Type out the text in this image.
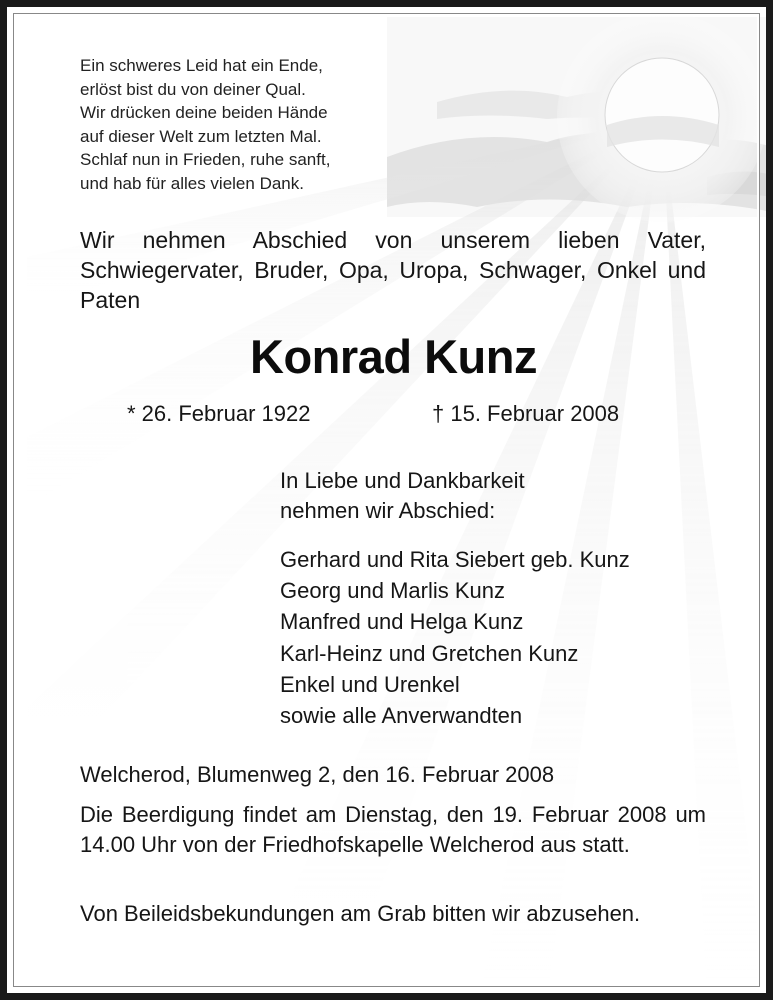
Ein schweres Leid hat ein Ende,
erlöst bist du von deiner Qual.
Wir drücken deine beiden Hände
auf dieser Welt zum letzten Mal.
Schlaf nun in Frieden, ruhe sanft,
und hab für alles vielen Dank.
Wir nehmen Abschied von unserem lieben Vater, Schwiegervater, Bruder, Opa, Uropa, Schwager, Onkel und Paten
Konrad Kunz
* 26. Februar 1922	† 15. Februar 2008
In Liebe und Dankbarkeit
nehmen wir Abschied:
Gerhard und Rita Siebert geb. Kunz
Georg und Marlis Kunz
Manfred und Helga Kunz
Karl-Heinz und Gretchen Kunz
Enkel und Urenkel
sowie alle Anverwandten
Welcherod, Blumenweg 2, den 16. Februar 2008
Die Beerdigung findet am Dienstag, den 19. Februar 2008 um 14.00 Uhr von der Friedhofskapelle Welcherod aus statt.
Von Beileidsbekundungen am Grab bitten wir abzusehen.
